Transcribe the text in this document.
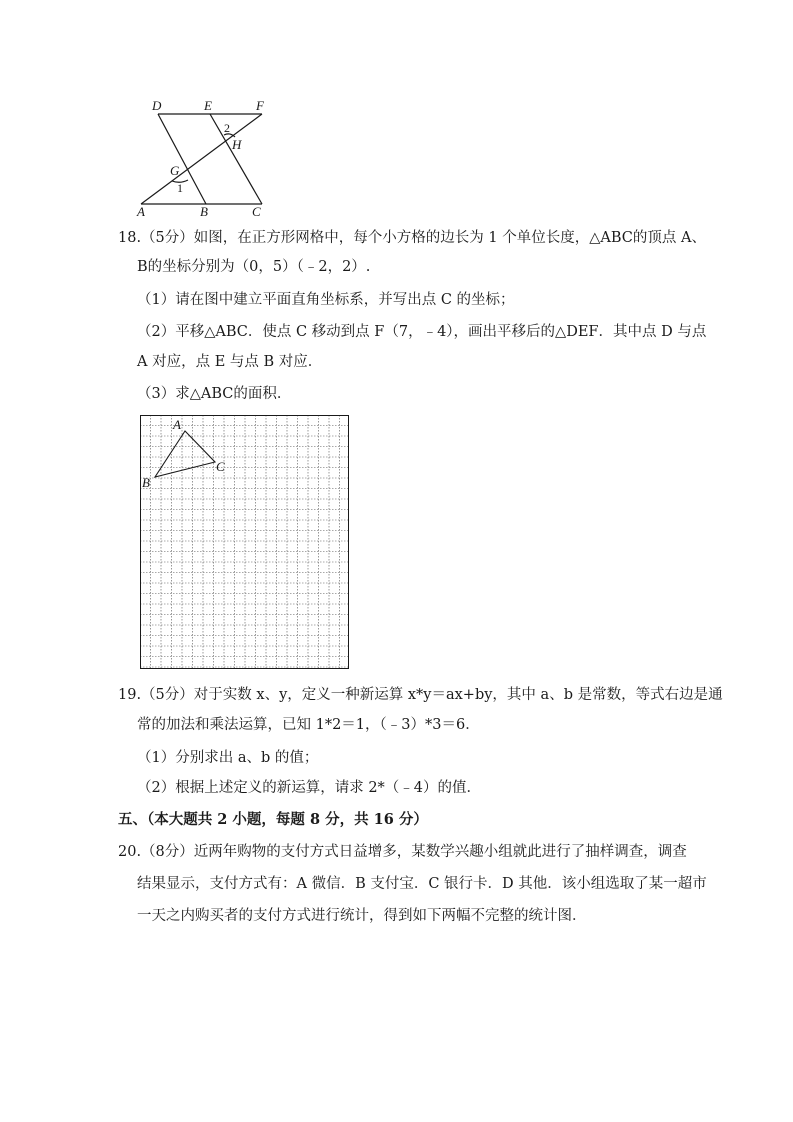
D	E	F
2
H
G
1
A	B	C
18.（5分）如图，在正方形网格中，每个小方格的边长为 1 个单位长度，△ABC的顶点 A、
B的坐标分别为（0，5）（﹣2，2）.
（1）请在图中建立平面直角坐标系，并写出点 C 的坐标；
（2）平移△ABC．使点 C 移动到点 F（7，﹣4），画出平移后的△DEF．其中点 D 与点
A 对应，点 E 与点 B 对应．
（3）求△ABC的面积．
A
B
C
19.（5分）对于实数 x、y，定义一种新运算 x*y＝ax+by，其中 a、b 是常数，等式右边是通
常的加法和乘法运算，已知 1*2＝1，（﹣3）*3＝6．
（1）分别求出 a、b 的值；
（2）根据上述定义的新运算，请求 2*（﹣4）的值．
五、（本大题共 2 小题，每题 8 分，共 16 分）
20.（8分）近两年购物的支付方式日益增多，某数学兴趣小组就此进行了抽样调查，调查
结果显示，支付方式有：A 微信．B 支付宝．C 银行卡．D 其他．该小组选取了某一超市
一天之内购买者的支付方式进行统计，得到如下两幅不完整的统计图．
